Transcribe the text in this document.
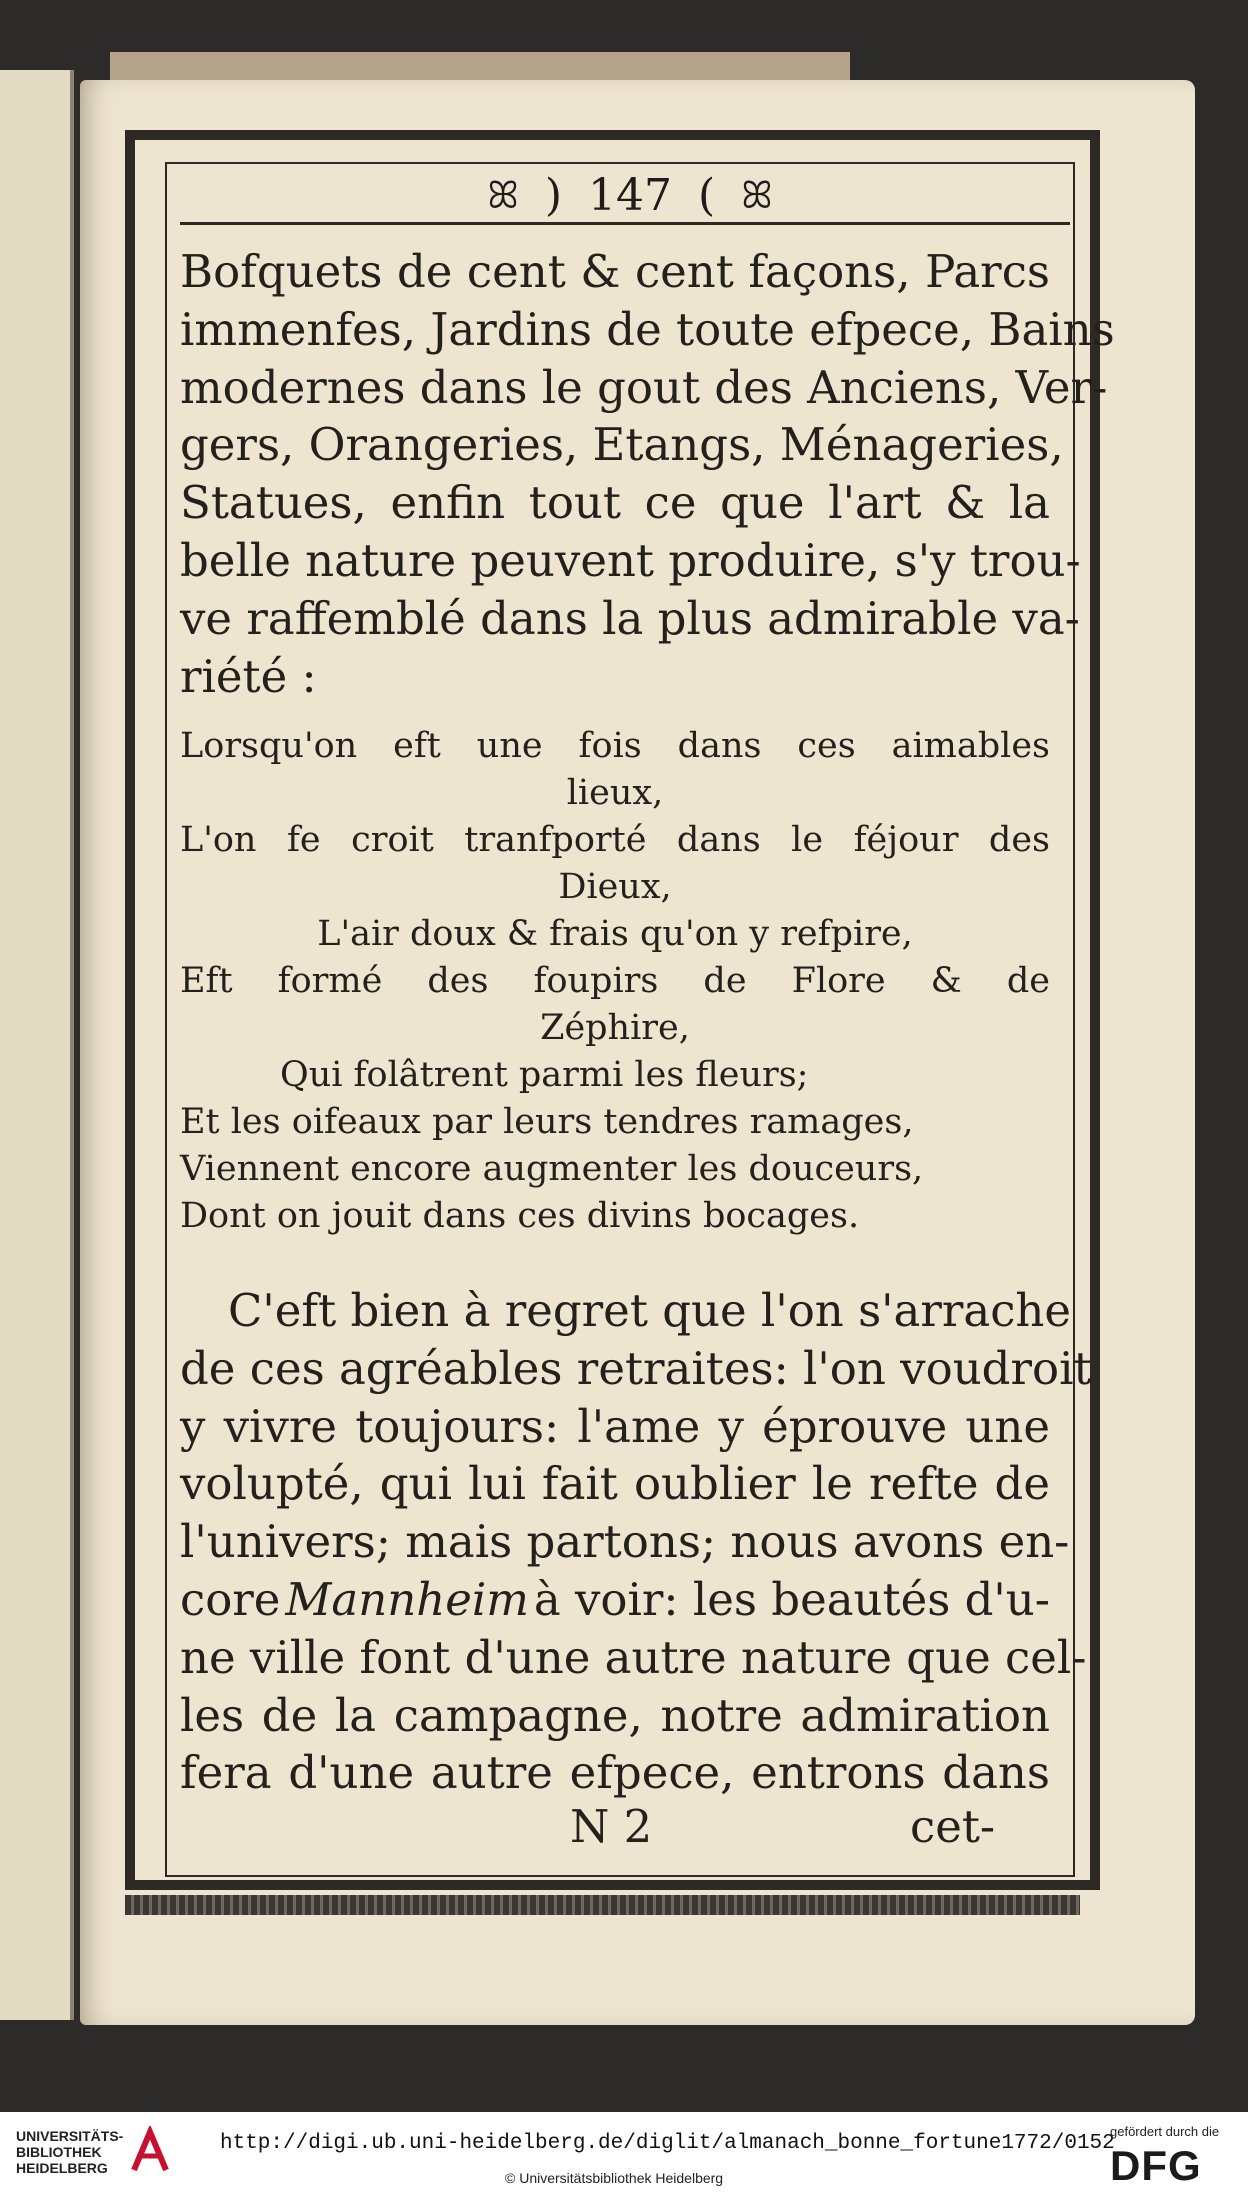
ꕤ ) 147 ( ꕤ
Bofquets de cent & cent façons, Parcs
immenfes, Jardins de toute efpece, Bains
modernes dans le gout des Anciens, Ver-
gers, Orangeries, Etangs, Ménageries,
Statues, enfin tout ce que l'art & la
belle nature peuvent produire, s'y trou-
ve raffemblé dans la plus admirable va-
riété :
Lorsqu'on eft une fois dans ces aimables
lieux,
L'on fe croit tranfporté dans le féjour des
Dieux,
L'air doux & frais qu'on y refpire,
Eft formé des foupirs de Flore & de
Zéphire,
Qui folâtrent parmi les fleurs;
Et les oifeaux par leurs tendres ramages,
Viennent encore augmenter les douceurs,
Dont on jouit dans ces divins bocages.
C'eft bien à regret que l'on s'arrache
de ces agréables retraites: l'on voudroit
y vivre toujours: l'ame y éprouve une
volupté, qui lui fait oublier le refte de
l'univers; mais partons; nous avons en-
core Mannheim à voir: les beautés d'u-
ne ville font d'une autre nature que cel-
les de la campagne, notre admiration
fera d'une autre efpece, entrons dans
N 2	cet-
UNIVERSITÄTS-
BIBLIOTHEK
HEIDELBERG
http://digi.ub.uni-heidelberg.de/diglit/almanach_bonne_fortune1772/0152
© Universitätsbibliothek Heidelberg
gefördert durch die
DFG
